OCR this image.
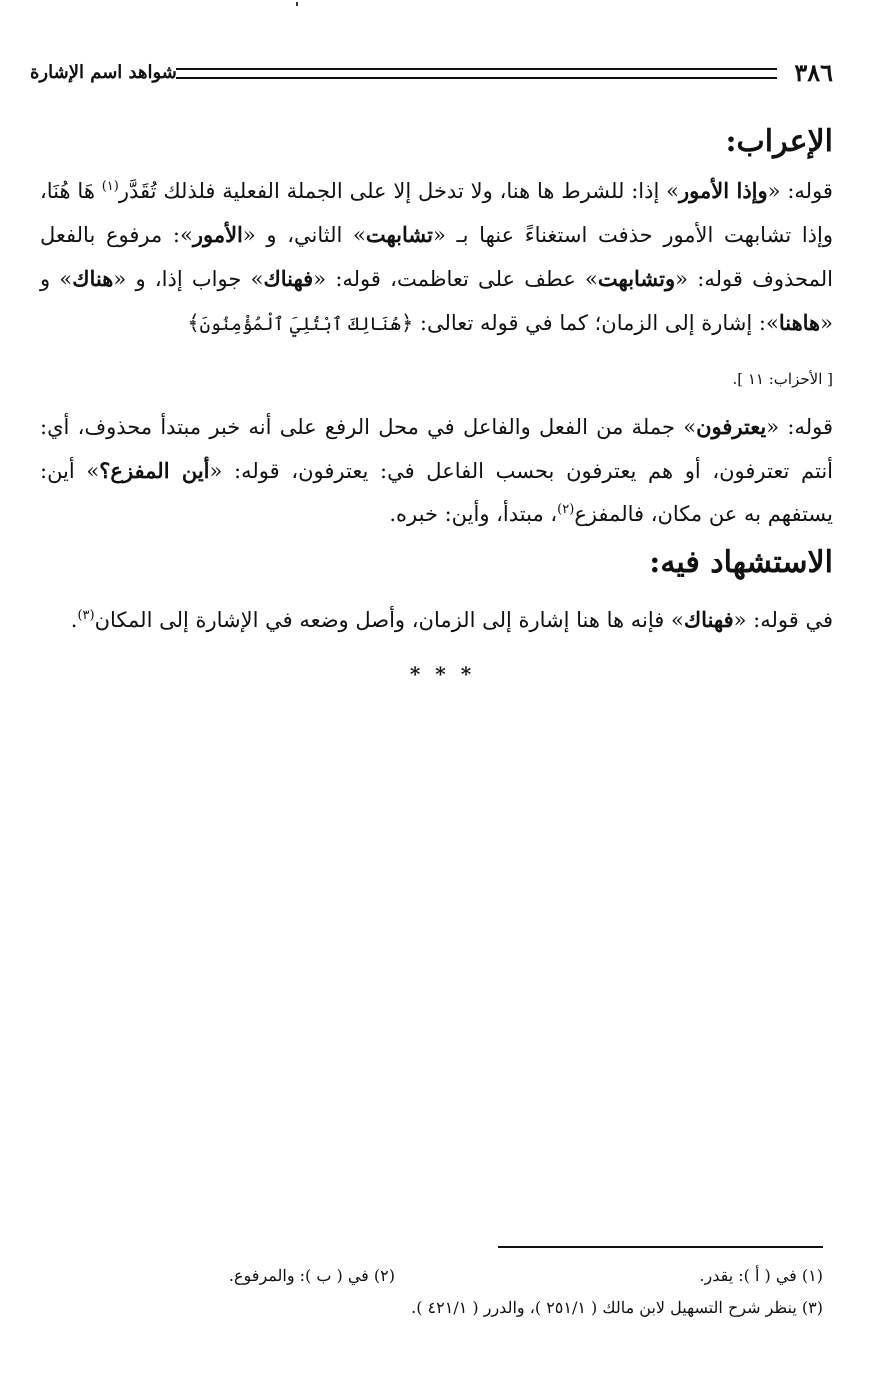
٣٨٦
شواهد اسم الإشارة
الإعراب:

قوله: «وإذا الأمور» إذا: للشرط ها هنا، ولا تدخل إلا على الجملة الفعلية فلذلك تُقَدَّر$^{(١)}$ هَا هُنَا، وإذا تشابهت الأمور حذفت استغناءً عنها بـ «تشابهت» الثاني، و «الأمور»: مرفوع بالفعل المحذوف قوله: «وتشابهت» عطف على تعاظمت، قوله: «فهناك» جواب إذا، و «هناك» و «هاهنا»: إشارة إلى الزمان؛ كما في قوله تعالى: ﴿هُنَالِكَ ٱبْتُلِيَ ٱلْمُؤْمِنُونَ﴾

[ الأحزاب: ١١ ].

قوله: «يعترفون» جملة من الفعل والفاعل في محل الرفع على أنه خبر مبتدأ محذوف، أي: أنتم تعترفون، أو هم يعترفون بحسب الفاعل في: يعترفون، قوله: «أين المفزع؟» أين: يستفهم به عن مكان، فالمفزع$^{(٢)}$، مبتدأ، وأين: خبره.

الاستشهاد فيه:

في قوله: «فهناك» فإنه ها هنا إشارة إلى الزمان، وأصل وضعه في الإشارة إلى المكان$^{(٣)}$.

* * *
(١) في ( أ ): يقدر.
(٢) في ( ب ): والمرفوع.
(٣) ينظر شرح التسهيل لابن مالك ( ٢٥١/١ )، والدرر ( ٤٢١/١ ).
